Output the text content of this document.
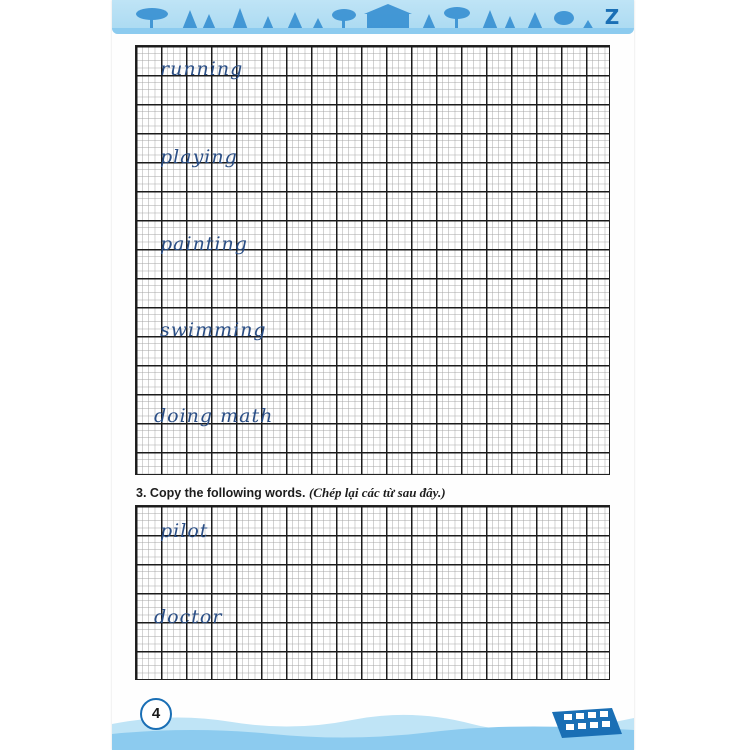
Z
running
playing
painting
swimming
doing math
3. Copy the following words. (Chép lại các từ sau đây.)
pilot
doctor
4
